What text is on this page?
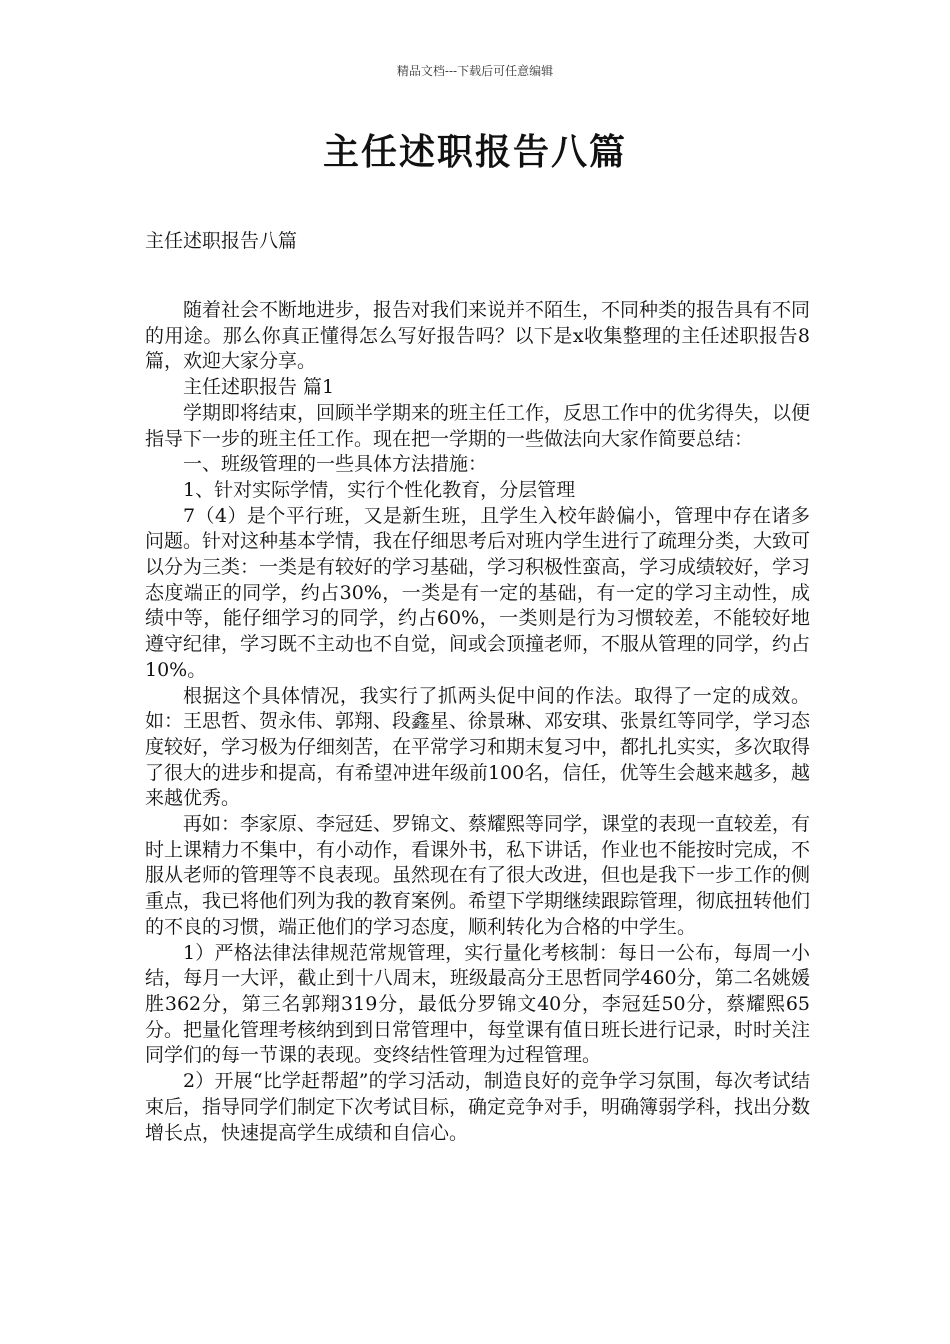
精品文档---下载后可任意编辑
主任述职报告八篇

主任述职报告八篇

随着社会不断地进步，报告对我们来说并不陌生，不同种类的报告具有不同的用途。那么你真正懂得怎么写好报告吗？以下是x收集整理的主任述职报告8篇，欢迎大家分享。

主任述职报告 篇1

学期即将结束，回顾半学期来的班主任工作，反思工作中的优劣得失，以便指导下一步的班主任工作。现在把一学期的一些做法向大家作简要总结：

一、班级管理的一些具体方法措施：

1、针对实际学情，实行个性化教育，分层管理

7（4）是个平行班，又是新生班，且学生入校年龄偏小，管理中存在诸多问题。针对这种基本学情，我在仔细思考后对班内学生进行了疏理分类，大致可以分为三类：一类是有较好的学习基础，学习积极性蛮高，学习成绩较好，学习态度端正的同学，约占30%，一类是有一定的基础，有一定的学习主动性，成绩中等，能仔细学习的同学，约占60%，一类则是行为习惯较差，不能较好地遵守纪律，学习既不主动也不自觉，间或会顶撞老师，不服从管理的同学，约占10%。

根据这个具体情况，我实行了抓两头促中间的作法。取得了一定的成效。如：王思哲、贺永伟、郭翔、段鑫星、徐景琳、邓安琪、张景红等同学，学习态度较好，学习极为仔细刻苦，在平常学习和期末复习中，都扎扎实实，多次取得了很大的进步和提高，有希望冲进年级前100名，信任，优等生会越来越多，越来越优秀。

再如：李家原、李冠廷、罗锦文、蔡耀熙等同学，课堂的表现一直较差，有时上课精力不集中，有小动作，看课外书，私下讲话，作业也不能按时完成，不服从老师的管理等不良表现。虽然现在有了很大改进，但也是我下一步工作的侧重点，我已将他们列为我的教育案例。希望下学期继续跟踪管理，彻底扭转他们的不良的习惯，端正他们的学习态度，顺利转化为合格的中学生。

1）严格法律法律规范常规管理，实行量化考核制：每日一公布，每周一小结，每月一大评，截止到十八周末，班级最高分王思哲同学460分，第二名姚媛胜362分，第三名郭翔319分，最低分罗锦文40分，李冠廷50分，蔡耀熙65分。把量化管理考核纳到到日常管理中，每堂课有值日班长进行记录，时时关注同学们的每一节课的表现。变终结性管理为过程管理。

2）开展“比学赶帮超”的学习活动，制造良好的竞争学习氛围，每次考试结束后，指导同学们制定下次考试目标，确定竞争对手，明确簿弱学科，找出分数增长点，快速提高学生成绩和自信心。
